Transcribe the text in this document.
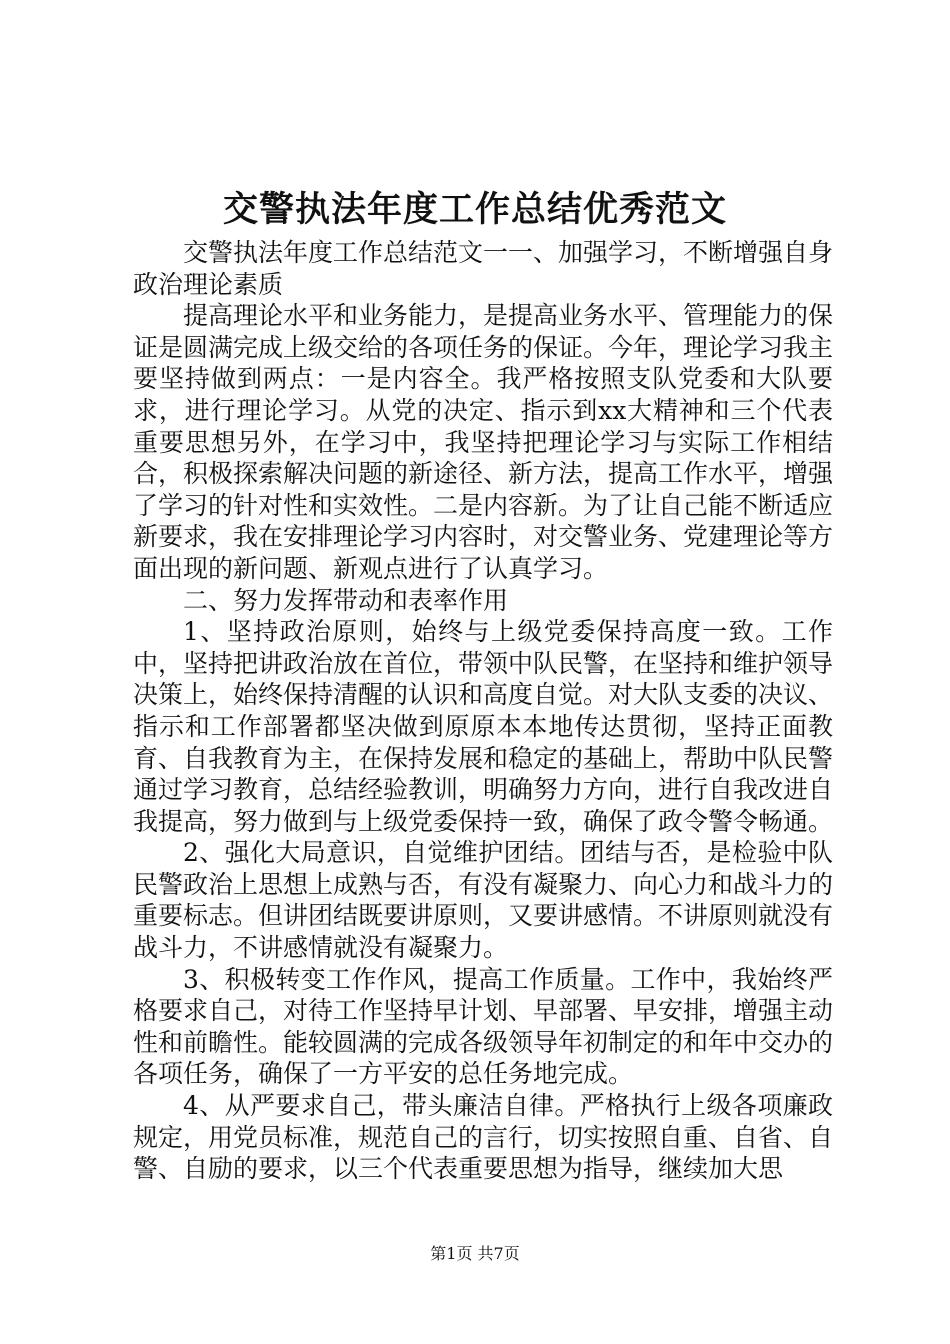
交警执法年度工作总结优秀范文

交警执法年度工作总结范文一一、加强学习，不断增强自身政治理论素质

提高理论水平和业务能力，是提高业务水平、管理能力的保证是圆满完成上级交给的各项任务的保证。今年，理论学习我主要坚持做到两点：一是内容全。我严格按照支队党委和大队要求，进行理论学习。从党的决定、指示到xx大精神和三个代表重要思想另外，在学习中，我坚持把理论学习与实际工作相结合，积极探索解决问题的新途径、新方法，提高工作水平，增强了学习的针对性和实效性。二是内容新。为了让自己能不断适应新要求，我在安排理论学习内容时，对交警业务、党建理论等方面出现的新问题、新观点进行了认真学习。

二、努力发挥带动和表率作用

1、坚持政治原则，始终与上级党委保持高度一致。工作中，坚持把讲政治放在首位，带领中队民警，在坚持和维护领导决策上，始终保持清醒的认识和高度自觉。对大队支委的决议、指示和工作部署都坚决做到原原本本地传达贯彻，坚持正面教育、自我教育为主，在保持发展和稳定的基础上，帮助中队民警通过学习教育，总结经验教训，明确努力方向，进行自我改进自我提高，努力做到与上级党委保持一致，确保了政令警令畅通。

2、强化大局意识，自觉维护团结。团结与否，是检验中队民警政治上思想上成熟与否，有没有凝聚力、向心力和战斗力的重要标志。但讲团结既要讲原则，又要讲感情。不讲原则就没有战斗力，不讲感情就没有凝聚力。

3、积极转变工作作风，提高工作质量。工作中，我始终严格要求自己，对待工作坚持早计划、早部署、早安排，增强主动性和前瞻性。能较圆满的完成各级领导年初制定的和年中交办的各项任务，确保了一方平安的总任务地完成。

4、从严要求自己，带头廉洁自律。严格执行上级各项廉政规定，用党员标准，规范自己的言行，切实按照自重、自省、自警、自励的要求，以三个代表重要思想为指导，继续加大思

第1页 共7页
